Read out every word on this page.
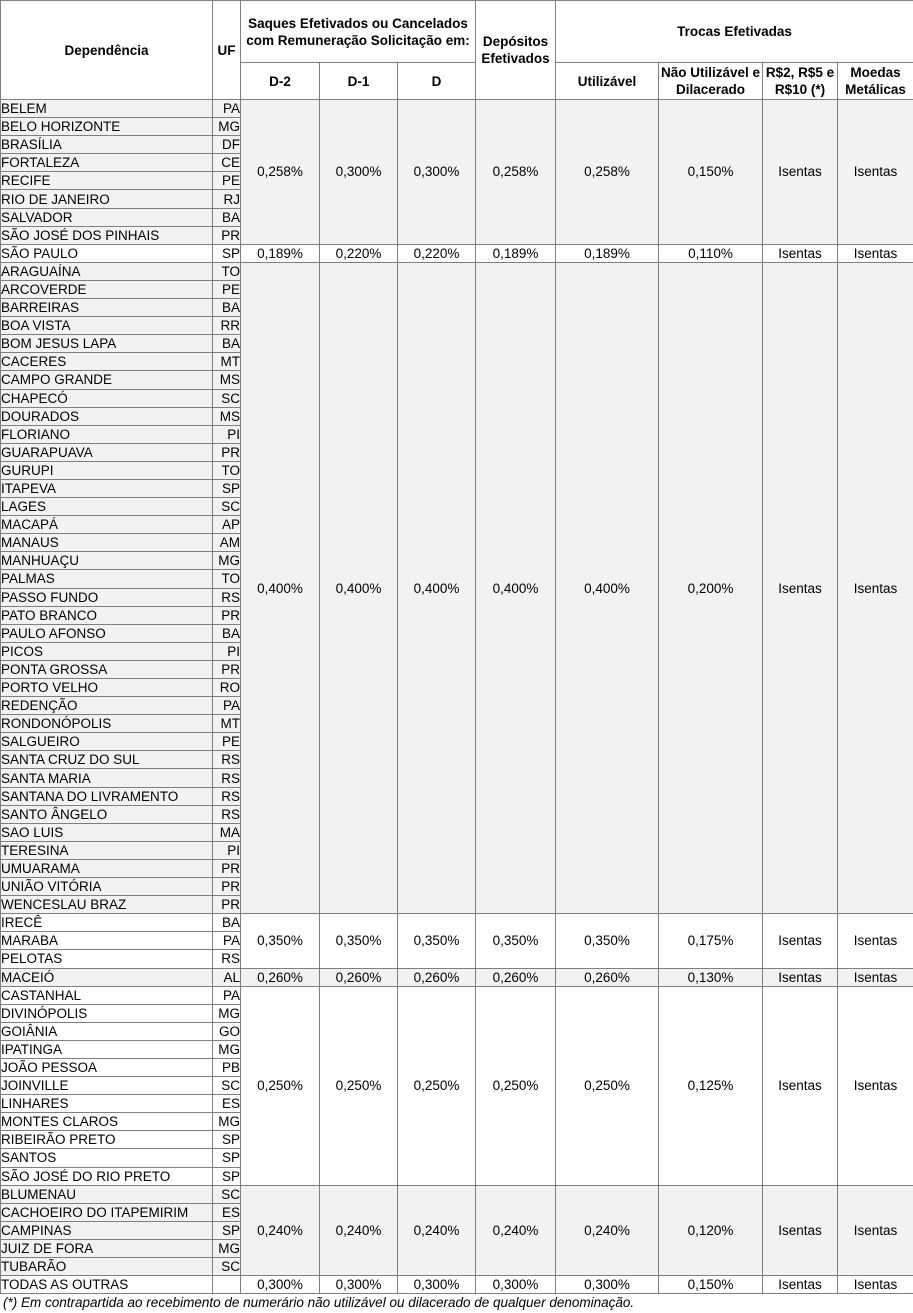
Dependência	UF	Saques Efetivados ou Cancelados com Remuneração Solicitação em:			Depósitos Efetivados	Trocas Efetivadas			
		D-2	D-1	D		Utilizável	Não Utilizável e Dilacerado	R$2, R$5 e R$10 (*)	Moedas Metálicas
BELEM	PA	0,258%	0,300%	0,300%	0,258%	0,258%	0,150%	Isentas	Isentas
BELO HORIZONTE	MG								
BRASÍLIA	DF								
FORTALEZA	CE								
RECIFE	PE								
RIO DE JANEIRO	RJ								
SALVADOR	BA								
SÃO JOSÉ DOS PINHAIS	PR								
SÃO PAULO	SP	0,189%	0,220%	0,220%	0,189%	0,189%	0,110%	Isentas	Isentas
ARAGUAÍNA	TO	0,400%	0,400%	0,400%	0,400%	0,400%	0,200%	Isentas	Isentas
ARCOVERDE	PE								
BARREIRAS	BA								
BOA VISTA	RR								
BOM JESUS LAPA	BA								
CACERES	MT								
CAMPO GRANDE	MS								
CHAPECÓ	SC								
DOURADOS	MS								
FLORIANO	PI								
GUARAPUAVA	PR								
GURUPI	TO								
ITAPEVA	SP								
LAGES	SC								
MACAPÁ	AP								
MANAUS	AM								
MANHUAÇU	MG								
PALMAS	TO								
PASSO FUNDO	RS								
PATO BRANCO	PR								
PAULO AFONSO	BA								
PICOS	PI								
PONTA GROSSA	PR								
PORTO VELHO	RO								
REDENÇÃO	PA								
RONDONÓPOLIS	MT								
SALGUEIRO	PE								
SANTA CRUZ DO SUL	RS								
SANTA MARIA	RS								
SANTANA DO LIVRAMENTO	RS								
SANTO ÂNGELO	RS								
SAO LUIS	MA								
TERESINA	PI								
UMUARAMA	PR								
UNIÃO VITÓRIA	PR								
WENCESLAU BRAZ	PR								
IRECÊ	BA	0,350%	0,350%	0,350%	0,350%	0,350%	0,175%	Isentas	Isentas
MARABA	PA								
PELOTAS	RS								
MACEIÓ	AL	0,260%	0,260%	0,260%	0,260%	0,260%	0,130%	Isentas	Isentas
CASTANHAL	PA	0,250%	0,250%	0,250%	0,250%	0,250%	0,125%	Isentas	Isentas
DIVINÓPOLIS	MG								
GOIÂNIA	GO								
IPATINGA	MG								
JOÃO PESSOA	PB								
JOINVILLE	SC								
LINHARES	ES								
MONTES CLAROS	MG								
RIBEIRÃO PRETO	SP								
SANTOS	SP								
SÃO JOSÉ DO RIO PRETO	SP								
BLUMENAU	SC	0,240%	0,240%	0,240%	0,240%	0,240%	0,120%	Isentas	Isentas
CACHOEIRO DO ITAPEMIRIM	ES								
CAMPINAS	SP								
JUIZ DE FORA	MG								
TUBARÃO	SC								
TODAS AS OUTRAS		0,300%	0,300%	0,300%	0,300%	0,300%	0,150%	Isentas	Isentas
(*) Em contrapartida ao recebimento de numerário não utilizável ou dilacerado de qualquer denominação.
